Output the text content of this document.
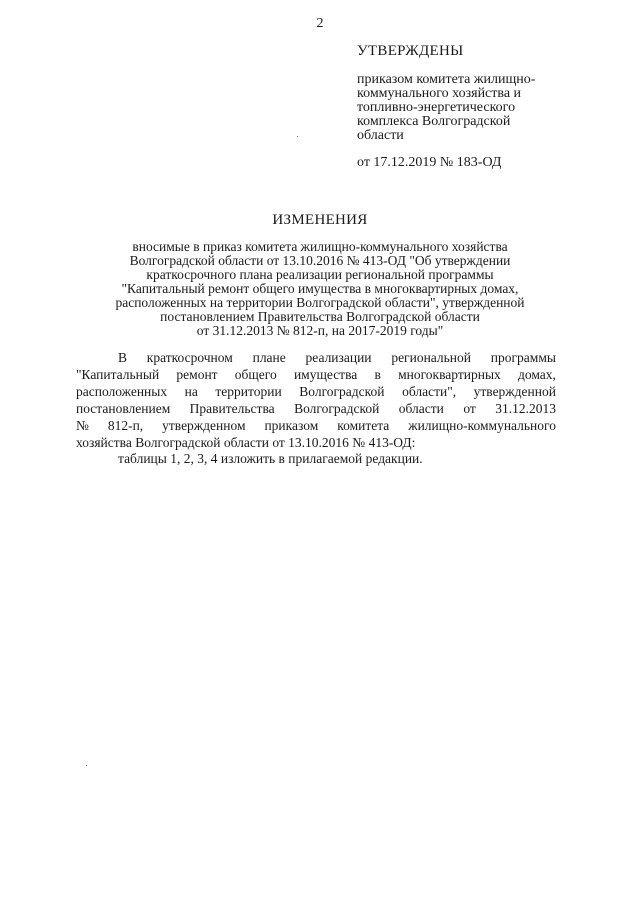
2
УТВЕРЖДЕНЫ
приказом комитета жилищно-
коммунального хозяйства и
топливно-энергетического
комплекса Волгоградской
области
от 17.12.2019 № 183-ОД
ИЗМЕНЕНИЯ
вносимые в приказ комитета жилищно-коммунального хозяйства
Волгоградской области от 13.10.2016 № 413-ОД "Об утверждении
краткосрочного плана реализации региональной программы
"Капитальный ремонт общего имущества в многоквартирных домах,
расположенных на территории Волгоградской области", утвержденной
постановлением Правительства Волгоградской области
от 31.12.2013 № 812-п, на 2017-2019 годы"
В краткосрочном плане реализации региональной программы
"Капитальный ремонт общего имущества в многоквартирных домах,
расположенных на территории Волгоградской области", утвержденной
постановлением Правительства Волгоградской области от 31.12.2013
№ 812-п, утвержденном приказом комитета жилищно-коммунального
хозяйства Волгоградской области от 13.10.2016 № 413-ОД:
таблицы 1, 2, 3, 4 изложить в прилагаемой редакции.
